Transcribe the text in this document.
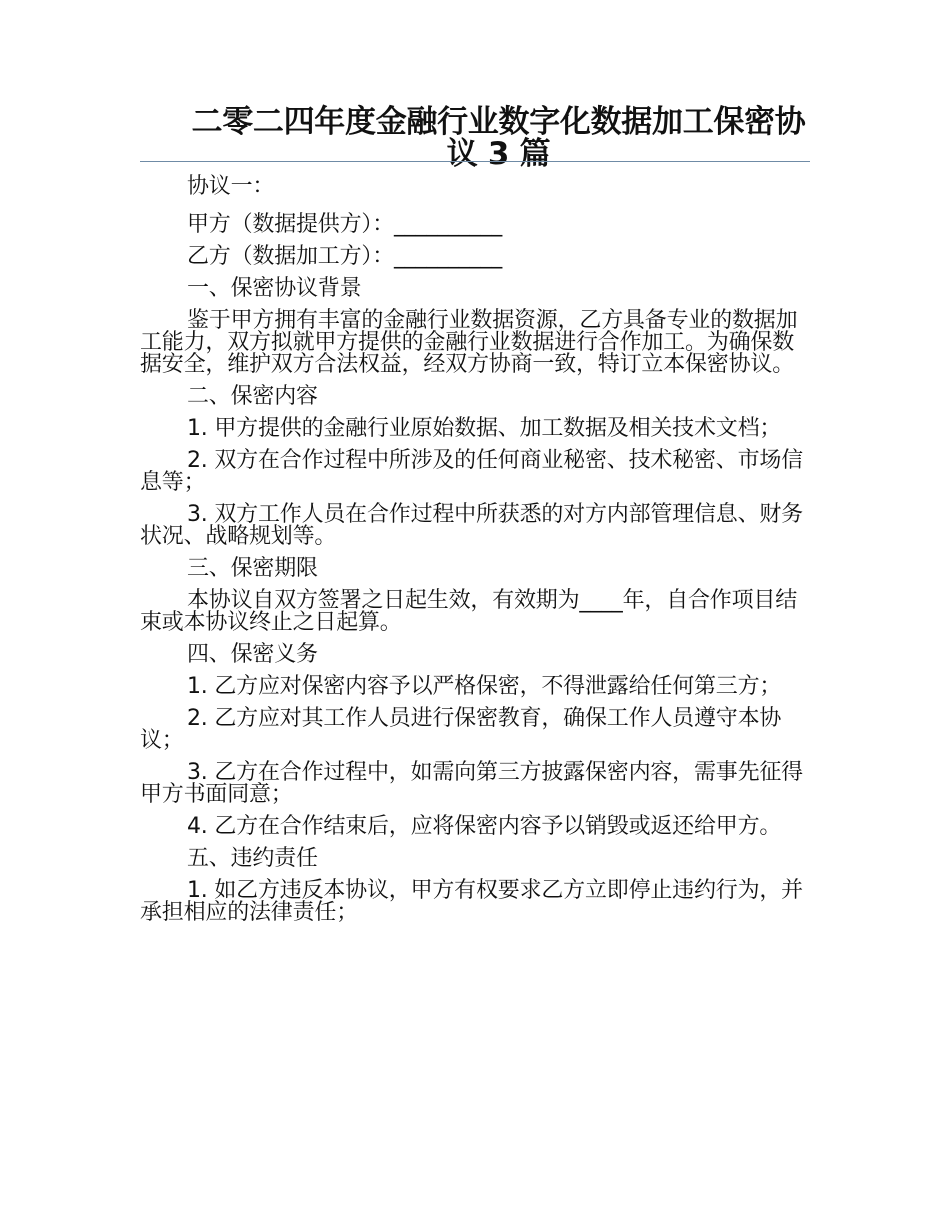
二零二四年度金融行业数字化数据加工保密协议 3 篇

协议一：

甲方（数据提供方）：__________

乙方（数据加工方）：__________

一、保密协议背景

鉴于甲方拥有丰富的金融行业数据资源，乙方具备专业的数据加工能力，双方拟就甲方提供的金融行业数据进行合作加工。为确保数据安全，维护双方合法权益，经双方协商一致，特订立本保密协议。

二、保密内容

1. 甲方提供的金融行业原始数据、加工数据及相关技术文档；

2. 双方在合作过程中所涉及的任何商业秘密、技术秘密、市场信息等；

3. 双方工作人员在合作过程中所获悉的对方内部管理信息、财务状况、战略规划等。

三、保密期限

本协议自双方签署之日起生效，有效期为____年，自合作项目结束或本协议终止之日起算。

四、保密义务

1. 乙方应对保密内容予以严格保密，不得泄露给任何第三方；

2. 乙方应对其工作人员进行保密教育，确保工作人员遵守本协议；

3. 乙方在合作过程中，如需向第三方披露保密内容，需事先征得甲方书面同意；

4. 乙方在合作结束后，应将保密内容予以销毁或返还给甲方。

五、违约责任

1. 如乙方违反本协议，甲方有权要求乙方立即停止违约行为，并承担相应的法律责任；
